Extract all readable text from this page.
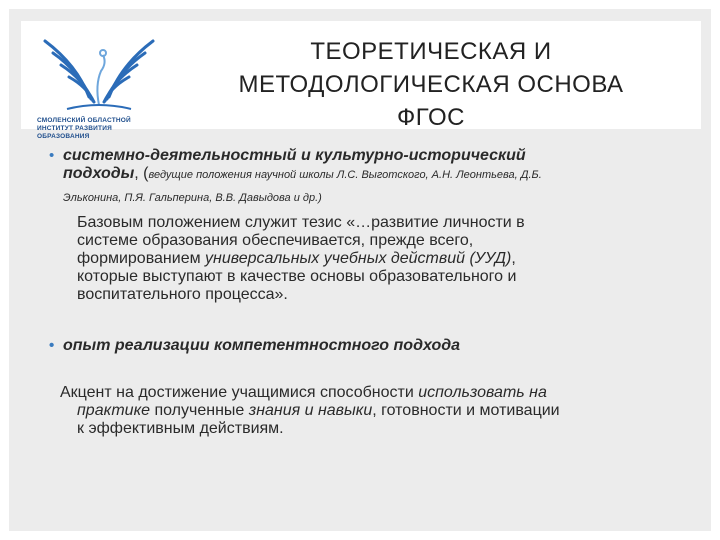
СМОЛЕНСКИЙ ОБЛАСТНОЙ
ИНСТИТУТ РАЗВИТИЯ ОБРАЗОВАНИЯ
ТЕОРЕТИЧЕСКАЯ И
МЕТОДОЛОГИЧЕСКАЯ ОСНОВА
ФГОС
• системно-деятельностный и культурно-исторический
подходы, (ведущие положения научной школы Л.С. Выготского, А.Н. Леонтьева, Д.Б.
Эльконина, П.Я. Гальперина, В.В. Давыдова и др.)
Базовым положением служит тезис «…развитие личности в
системе образования обеспечивается, прежде всего,
формированием универсальных учебных действий (УУД),
которые выступают в качестве основы образовательного и
воспитательного процесса».
• опыт реализации компетентностного подхода
Акцент на достижение учащимися способности использовать на
практике полученные знания и навыки, готовности и мотивации
к эффективным действиям.
